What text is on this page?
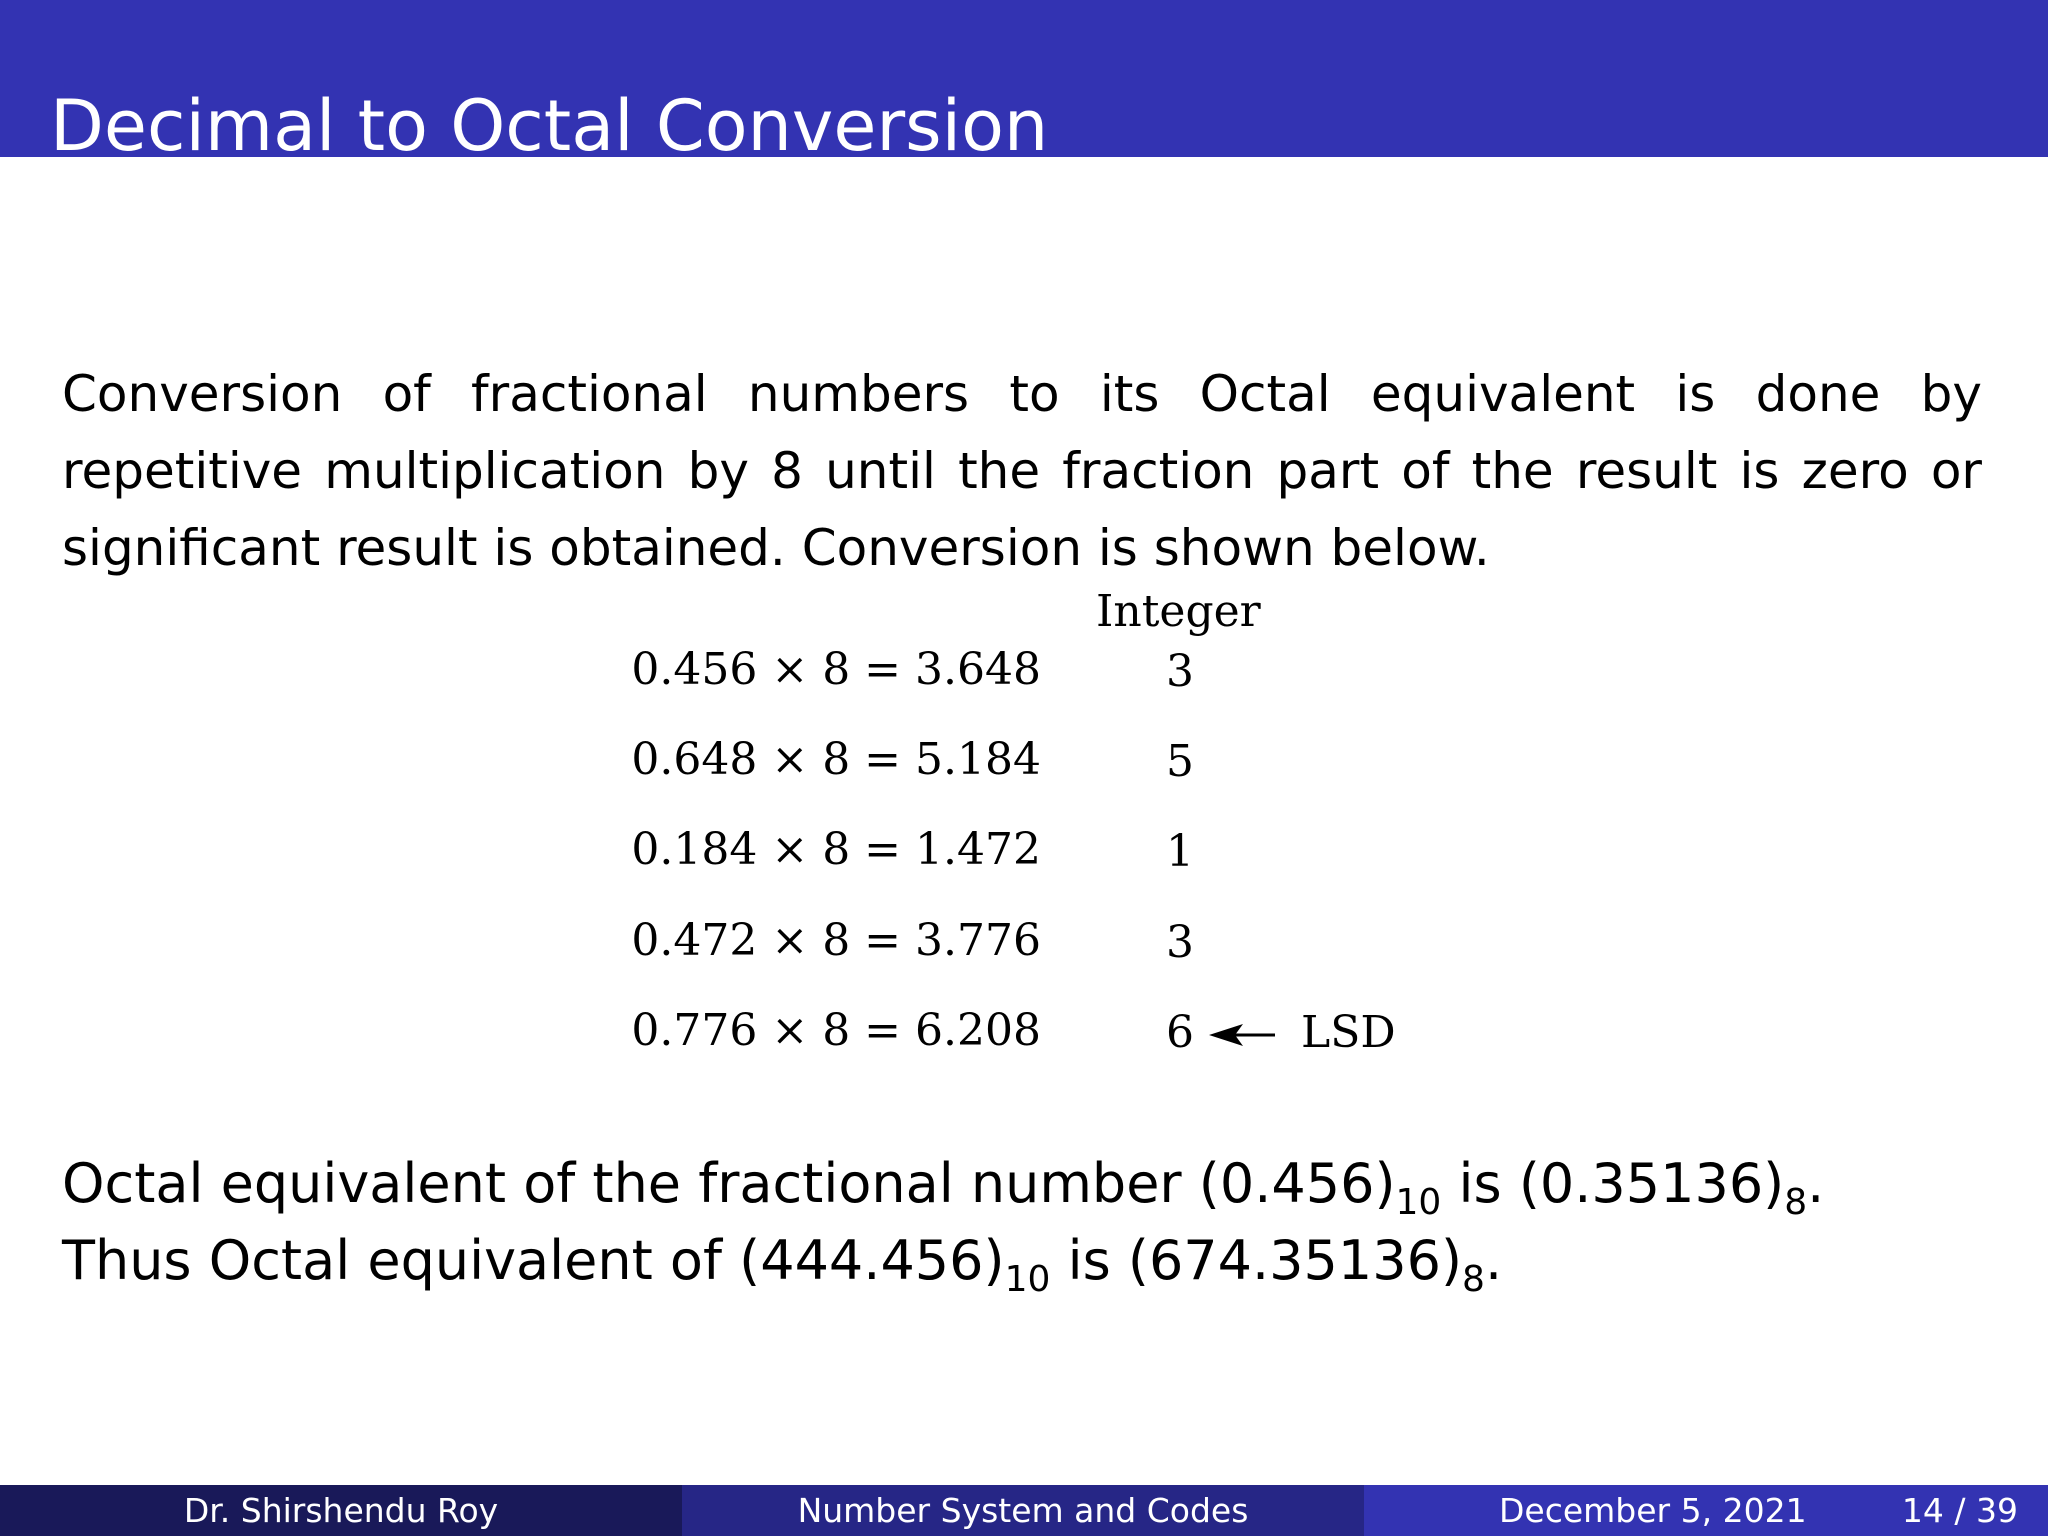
Decimal to Octal Conversion

Conversion of fractional numbers to its Octal equivalent is done by repetitive multiplication by 8 until the fraction part of the result is zero or significant result is obtained. Conversion is shown below.

Integer
0.456 × 8 = 3.648	3
0.648 × 8 = 5.184	5
0.184 × 8 = 1.472	1
0.472 × 8 = 3.776	3
0.776 × 8 = 6.208	6 LSD
Octal equivalent of the fractional number $(0.456)_{10}$ is $(0.35136)_8$.
Thus Octal equivalent of $(444.456)_{10}$ is $(674.35136)_8$.
Dr. Shirshendu Roy	Number System and Codes	December 5, 2021	14 / 39
